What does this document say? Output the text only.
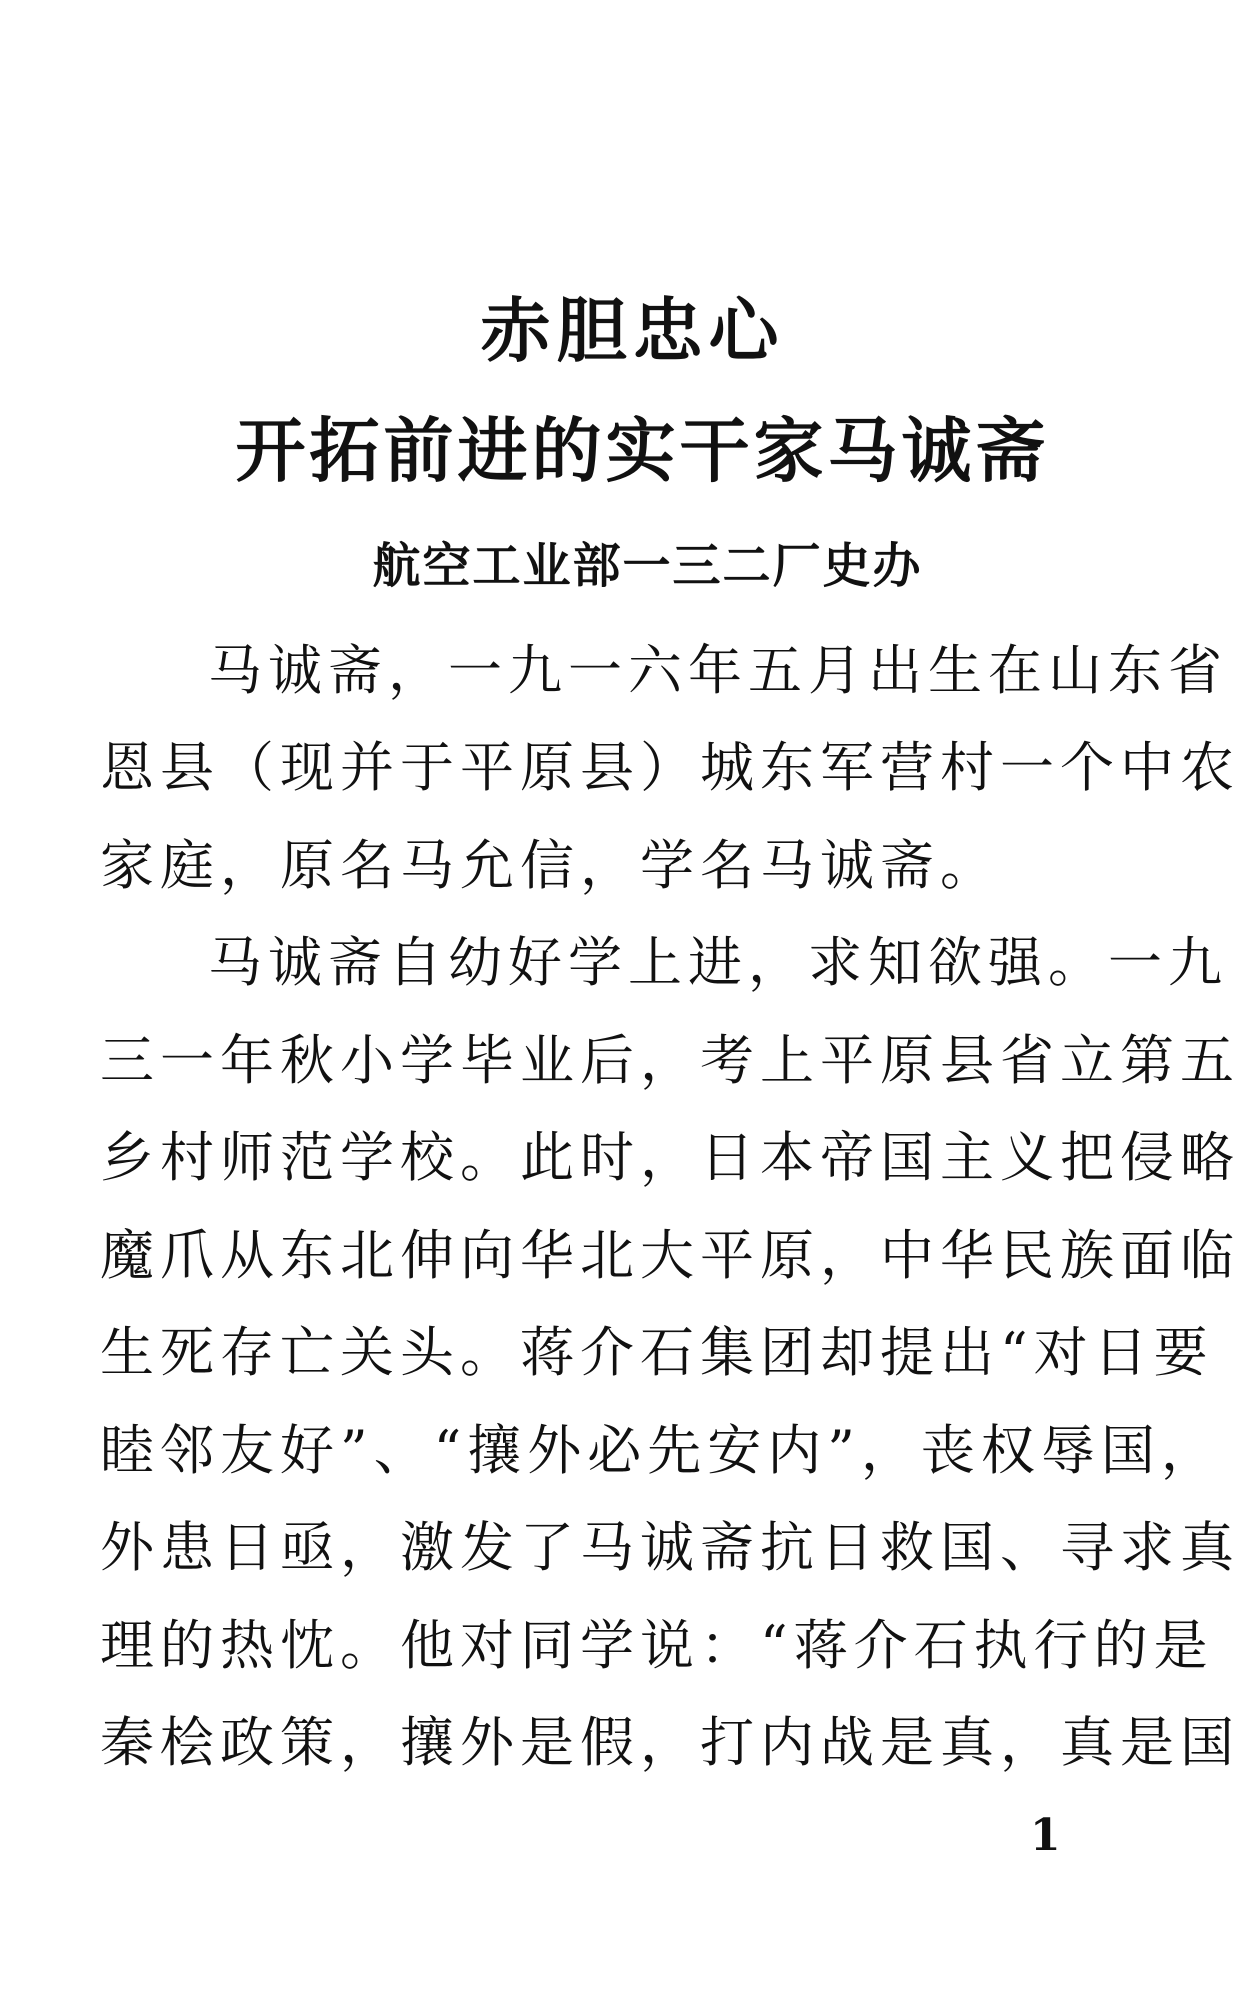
赤胆忠心
开拓前进的实干家马诚斋

航空工业部一三二厂史办

马诚斋，一九一六年五月出生在山东省

恩县（现并于平原县）城东军营村一个中农

家庭，原名马允信，学名马诚斋。

马诚斋自幼好学上进，求知欲强。一九

三一年秋小学毕业后，考上平原县省立第五

乡村师范学校。此时，日本帝国主义把侵略

魔爪从东北伸向华北大平原，中华民族面临

生死存亡关头。蒋介石集团却提出“对日要

睦邻友好”、“攘外必先安内”，丧权辱国，

外患日亟，激发了马诚斋抗日救国、寻求真

理的热忱。他对同学说：“蒋介石执行的是

秦桧政策，攘外是假，打内战是真，真是国

1
